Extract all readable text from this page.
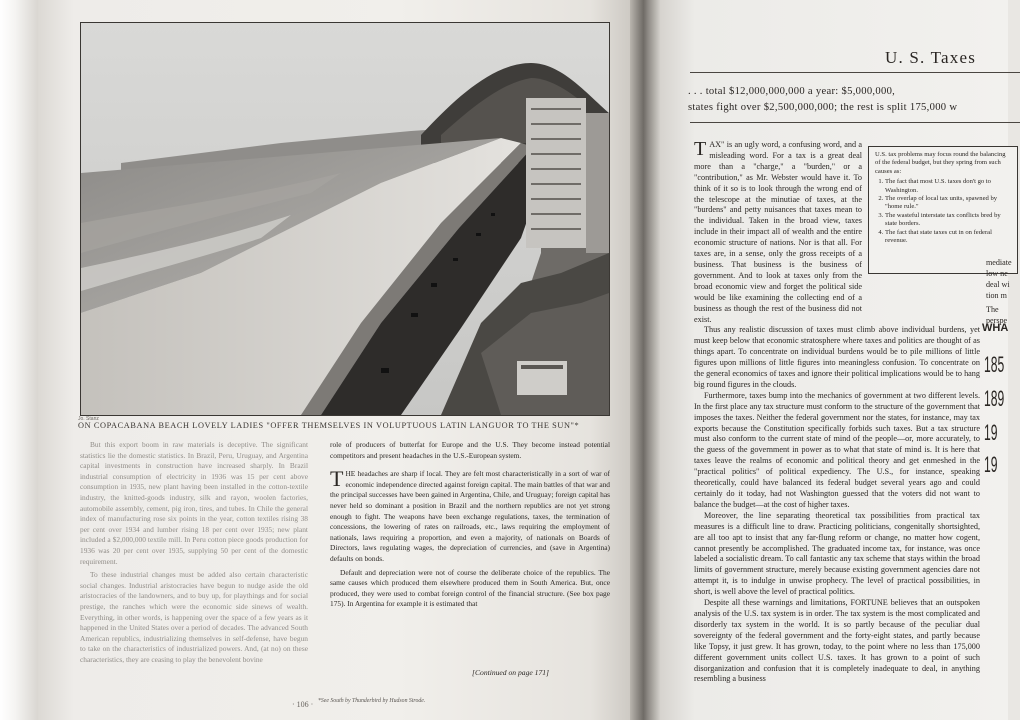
Jo. Stanz
ON COPACABANA BEACH LOVELY LADIES "OFFER THEMSELVES IN VOLUPTUOUS LATIN LANGUOR TO THE SUN"*

But this export boom in raw materials is deceptive. The significant statistics lie the domestic statistics. In Brazil, Peru, Uruguay, and Argentina capital investments in construction have increased sharply. In Brazil industrial consumption of electricity in 1936 was 15 per cent above consumption in 1935, new plant having been installed in the cotton-textile industry, the knitted-goods industry, silk and rayon, woolen factories, automobile assembly, cement, pig iron, tires, and tubes. In Chile the general index of manufacturing rose six points in the year, cotton textiles rising 38 per cent over 1934 and lumber rising 18 per cent over 1935; new plant included a $2,000,000 textile mill. In Peru cotton piece goods production for 1936 was 20 per cent over 1935, supplying 50 per cent of the domestic requirement.

To these industrial changes must be added also certain characteristic social changes. Industrial aristocracies have begun to nudge aside the old aristocracies of the landowners, and to buy up, for playthings and for social prestige, the ranches which were the economic side sinews of wealth. Everything, in other words, is happening over the space of a few years as it happened in the United States over a period of decades. The advanced South American republics, industrializing themselves in self-defense, have begun to take on the characteristics of industrialized powers. And, (at no) on these characteristics, they are ceasing to play the benevolent bovine

role of producers of butterfat for Europe and the U.S. They become instead potential competitors and present headaches in the U.S.-European system.

THE headaches are sharp if local. They are felt most characteristically in a sort of war of economic independence directed against foreign capital. The main battles of that war and the principal successes have been gained in Argentina, Chile, and Uruguay; foreign capital has never held so dominant a position in Brazil and the northern republics are not yet strong enough to fight. The weapons have been exchange regulations, taxes, the termination of concessions, the lowering of rates on railroads, etc., laws requiring the employment of nationals, laws requiring a proportion, and even a majority, of nationals on Boards of Directors, laws regulating wages, the depreciation of currencies, and (save in Argentina) defaults on bonds.

Default and depreciation were not of course the deliberate choice of the republics. The same causes which produced them elsewhere produced them in South America. But, once produced, they were used to combat foreign control of the financial structure. (See box page 175). In Argentina for example it is estimated that

[Continued on page 171]
· 106 · *See South by Thunderbird by Hudson Strode.
U. S. Taxes
. . . total $12,000,000,000 a year: $5,000,000,
states fight over $2,500,000,000; the rest is split 175,000 w

TAX" is an ugly word, a confusing word, and a misleading word. For a tax is a great deal more than a "charge," a "burden," or a "contribution," as Mr. Webster would have it. To think of it so is to look through the wrong end of the telescope at the minutiae of taxes, at the "burdens" and petty nuisances that taxes mean to the individual. Taken in the broad view, taxes include in their impact all of wealth and the entire economic structure of nations. Nor is that all. For taxes are, in a sense, only the gross receipts of a business. That business is the business of government. And to look at taxes only from the broad economic view and forget the political side would be like examining the collecting end of a business as though the rest of the business did not exist.

Thus any realistic discussion of taxes must climb above individual burdens, yet must keep below that economic stratosphere where taxes and politics are thought of as things apart. To concentrate on individual burdens would be to pile millions of little figures upon millions of little figures into meaningless confusion. To concentrate on the general economics of taxes and ignore their political implications would be to hang big round figures in the clouds.

Furthermore, taxes bump into the mechanics of government at two different levels. In the first place any tax structure must conform to the structure of the government that imposes the taxes. Neither the federal government nor the states, for instance, may tax exports because the Constitution specifically forbids such taxes. But a tax structure must also conform to the current state of mind of the people—or, more accurately, to the guess of the government in power as to what that state of mind is. It is here that taxes leave the realms of economic and political theory and get enmeshed in the "practical politics" of political expediency. The U.S., for instance, speaking theoretically, could have balanced its federal budget several years ago and could certainly do it today, had not Washington guessed that the voters did not want to balance the budget—at the cost of higher taxes.

Moreover, the line separating theoretical tax possibilities from practical tax measures is a difficult line to draw. Practicing politicians, congenitally shortsighted, are all too apt to insist that any far-flung reform or change, no matter how cogent, cannot presently be accomplished. The graduated income tax, for instance, was once labeled a socialistic dream. To call fantastic any tax scheme that stays within the broad limits of government structure, merely because existing government agencies dare not attempt it, is to indulge in unwise prophecy. The level of practical possibilities, in short, is well above the level of practical politics.

Despite all these warnings and limitations, FORTUNE believes that an outspoken analysis of the U.S. tax system is in order. The tax system is the most complicated and disorderly tax system in the world. It is so partly because of the peculiar dual sovereignty of the federal government and the forty-eight states, and partly because like Topsy, it just grew. It has grown, today, to the point where no less than 175,000 different government units collect U.S. taxes. It has grown to a point of such disorganization and confusion that it is completely inadequate to deal, in anything resembling a business

U.S. tax problems may focus round the balancing of the federal budget, but they spring from such causes as:
1. The fact that most U.S. taxes don't go to Washington.
2. The overlap of local tax units, spawned by "home rule."
3. The wasteful interstate tax conflicts bred by state borders.
4. The fact that state taxes cut in on federal revenue.
mediate
low ne
deal wi
tion m
The
perspe
WHA
185
189
19
19
